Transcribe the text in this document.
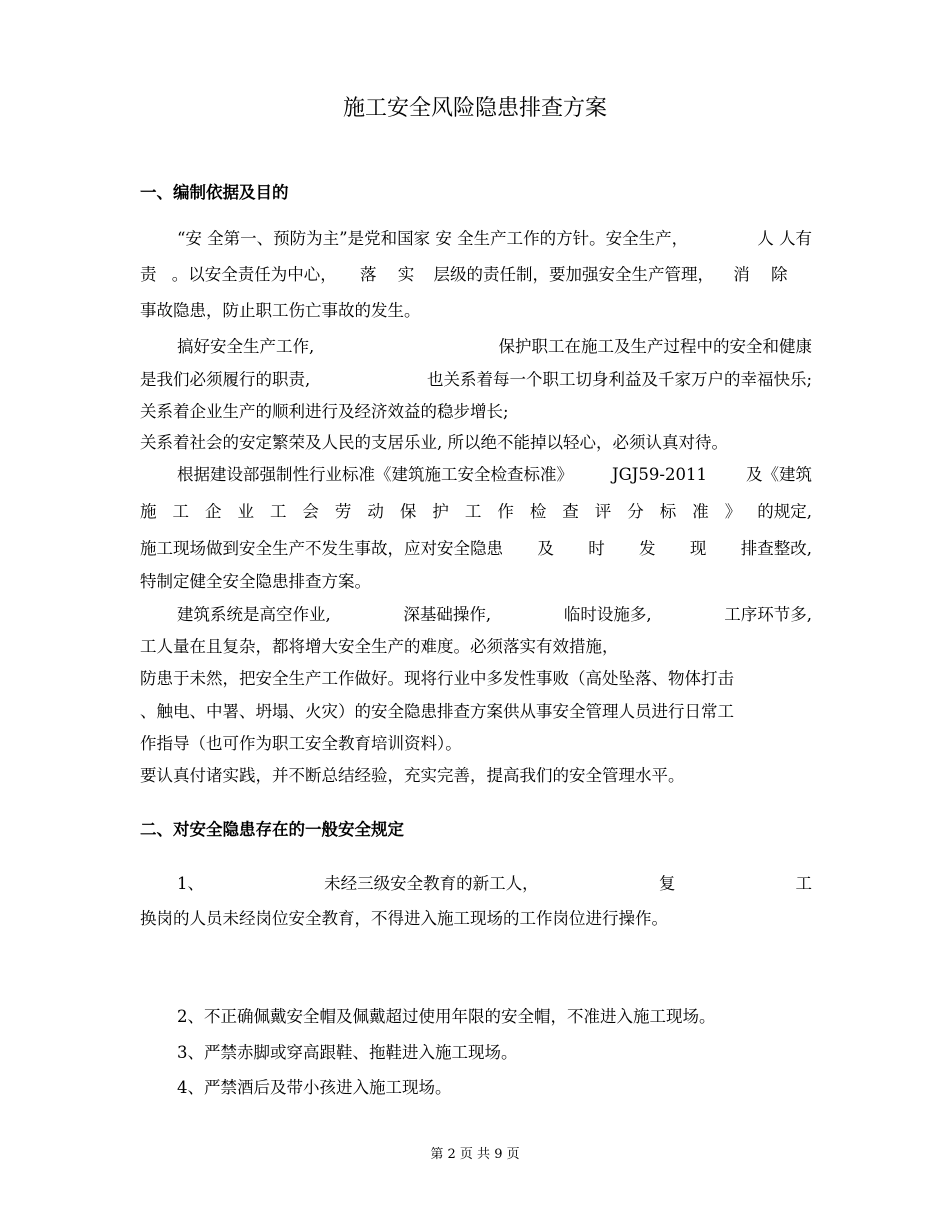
施工安全风险隐患排查方案
一、编制依据及目的
“安 全第一、预防为主”是党和国家 安 全生产工作的方针。安全生产，	人 人有
责 。以安全责任为中心， 落 实 层级的责任制，要加强安全生产管理， 消 除
事故隐患，防止职工伤亡事故的发生。
搞好安全生产工作,	保护职工在施工及生产过程中的安全和健康
是我们必须履行的职责,	也关系着每一个职工切身利益及千家万户的幸福快乐;
关系着企业生产的顺利进行及经济效益的稳步增长;
关系着社会的安定繁荣及人民的支居乐业, 所以绝不能掉以轻心，必须认真对待。
根据建设部强制性行业标准《建筑施工安全检查标准》 JGJ59-2011 及《建筑
施 工 企 业 工 会 劳 动 保 护 工 作 检 查 评 分 标 准 》 的规定,
施工现场做到安全生产不发生事故，应对安全隐患 及 时 发 现 排查整改,
特制定健全安全隐患排查方案。
建筑系统是高空作业,	深基础操作,	临时设施多,	工序环节多,
工人量在且复杂，都将增大安全生产的难度。必须落实有效措施，
防患于未然，把安全生产工作做好。现将行业中多发性事败（高处坠落、物体打击
、触电、中署、坍塌、火灾）的安全隐患排查方案供从事安全管理人员进行日常工
作指导（也可作为职工安全教育培训资料）。
要认真付诸实践，并不断总结经验，充实完善，提高我们的安全管理水平。
二、对安全隐患存在的一般安全规定
1、	未经三级安全教育的新工人，	复	工
换岗的人员未经岗位安全教育，不得进入施工现场的工作岗位进行操作。
2、不正确佩戴安全帽及佩戴超过使用年限的安全帽，不准进入施工现场。
3、严禁赤脚或穿高跟鞋、拖鞋进入施工现场。
4、严禁酒后及带小孩进入施工现场。
第 2 页 共 9 页
